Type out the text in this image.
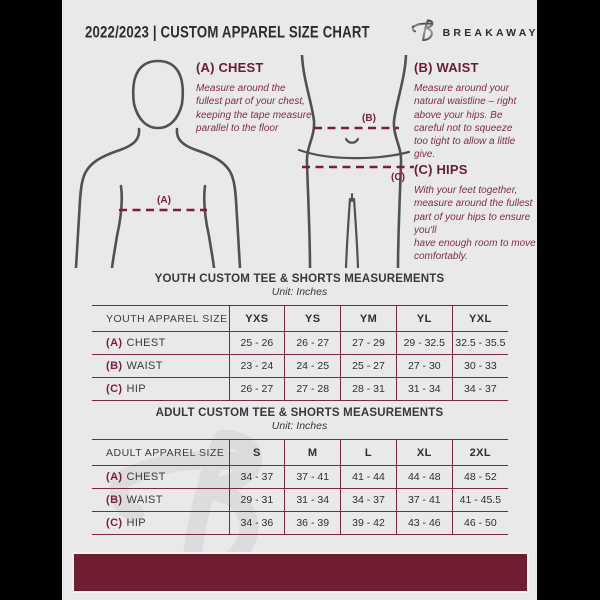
2022/2023 | CUSTOM APPAREL SIZE CHART	BREAKAWAY
(A)
(B)
(C)

(A) CHEST

Measure around the fullest part of your chest, keeping the tape measure parallel to the floor

(B) WAIST

Measure around your natural waistline – right above your hips. Be careful not to squeeze too tight to allow a little give.

(C) HIPS

With your feet together, measure around the fullest part of your hips to ensure you'll
have enough room to move comfortably.

YOUTH CUSTOM TEE & SHORTS MEASUREMENTS
Unit: Inches
YOUTH APPAREL SIZE	YXS	YS	YM	YL	YXL
(A) CHEST	25 - 26	26 - 27	27 - 29	29 - 32.5	32.5 - 35.5
(B) WAIST	23 - 24	24 - 25	25 - 27	27 - 30	30 - 33
(C) HIP	26 - 27	27 - 28	28 - 31	31 - 34	34 - 37
ADULT CUSTOM TEE & SHORTS MEASUREMENTS
Unit: Inches
ADULT APPAREL SIZE	S	M	L	XL	2XL
(A) CHEST	34 - 37	37 - 41	41 - 44	44 - 48	48 - 52
(B) WAIST	29 - 31	31 - 34	34 - 37	37 - 41	41 - 45.5
(C) HIP	34 - 36	36 - 39	39 - 42	43 - 46	46 - 50
